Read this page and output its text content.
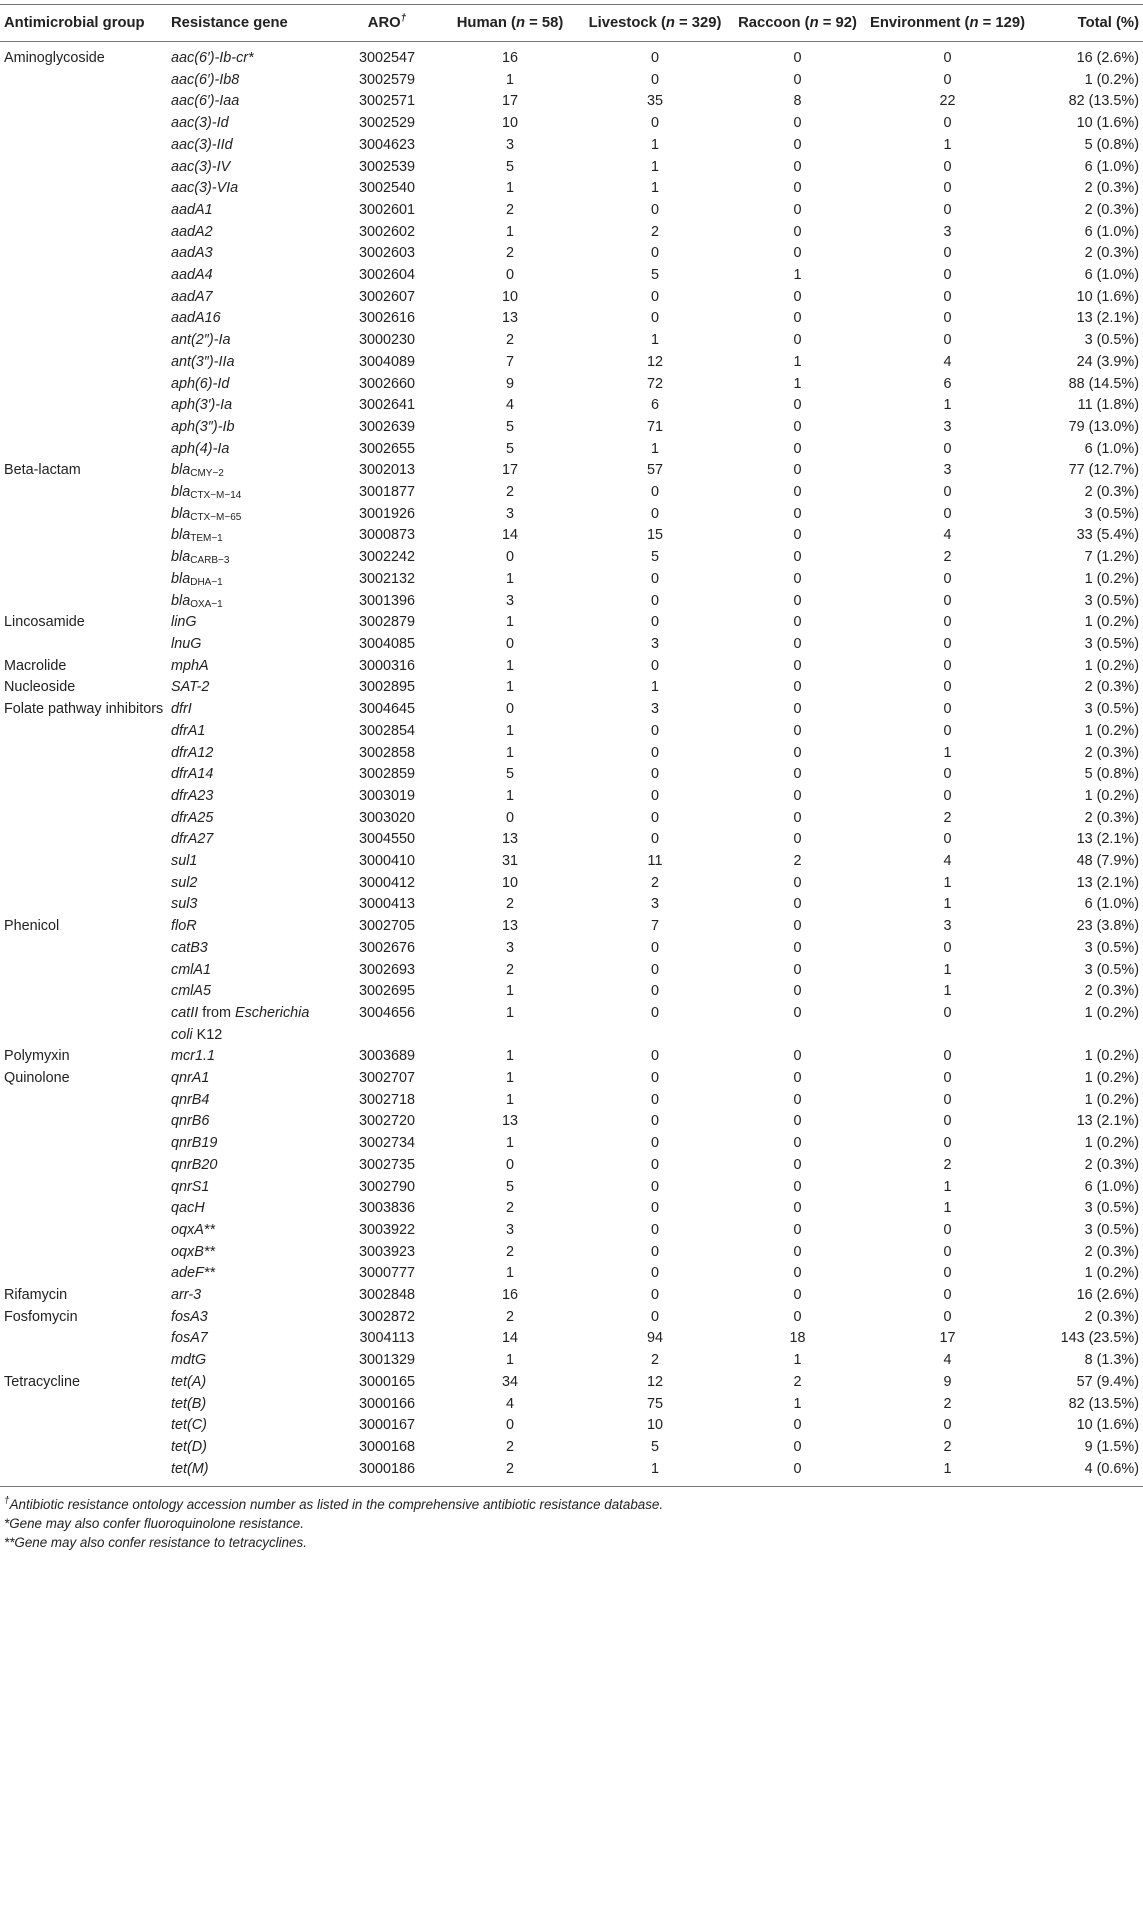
Antimicrobial group	Resistance gene	ARO†	Human (n = 58)	Livestock (n = 329)	Raccoon (n = 92)	Environment (n = 129)	Total (%)
Aminoglycoside	aac(6′)-Ib-cr*	3002547	16	0	0	0	16 (2.6%)
	aac(6′)-Ib8	3002579	1	0	0	0	1 (0.2%)
	aac(6′)-Iaa	3002571	17	35	8	22	82 (13.5%)
	aac(3)-Id	3002529	10	0	0	0	10 (1.6%)
	aac(3)-IId	3004623	3	1	0	1	5 (0.8%)
	aac(3)-IV	3002539	5	1	0	0	6 (1.0%)
	aac(3)-VIa	3002540	1	1	0	0	2 (0.3%)
	aadA1	3002601	2	0	0	0	2 (0.3%)
	aadA2	3002602	1	2	0	3	6 (1.0%)
	aadA3	3002603	2	0	0	0	2 (0.3%)
	aadA4	3002604	0	5	1	0	6 (1.0%)
	aadA7	3002607	10	0	0	0	10 (1.6%)
	aadA16	3002616	13	0	0	0	13 (2.1%)
	ant(2″)-Ia	3000230	2	1	0	0	3 (0.5%)
	ant(3″)-IIa	3004089	7	12	1	4	24 (3.9%)
	aph(6)-Id	3002660	9	72	1	6	88 (14.5%)
	aph(3′)-Ia	3002641	4	6	0	1	11 (1.8%)
	aph(3″)-Ib	3002639	5	71	0	3	79 (13.0%)
	aph(4)-Ia	3002655	5	1	0	0	6 (1.0%)
Beta-lactam	bla$_{CMY-2}$	3002013	17	57	0	3	77 (12.7%)
	bla$_{CTX-M-14}$	3001877	2	0	0	0	2 (0.3%)
	bla$_{CTX-M-65}$	3001926	3	0	0	0	3 (0.5%)
	bla$_{TEM-1}$	3000873	14	15	0	4	33 (5.4%)
	bla$_{CARB-3}$	3002242	0	5	0	2	7 (1.2%)
	bla$_{DHA-1}$	3002132	1	0	0	0	1 (0.2%)
	bla$_{OXA-1}$	3001396	3	0	0	0	3 (0.5%)
Lincosamide	linG	3002879	1	0	0	0	1 (0.2%)
	lnuG	3004085	0	3	0	0	3 (0.5%)
Macrolide	mphA	3000316	1	0	0	0	1 (0.2%)
Nucleoside	SAT-2	3002895	1	1	0	0	2 (0.3%)
Folate pathway inhibitors	dfrI	3004645	0	3	0	0	3 (0.5%)
	dfrA1	3002854	1	0	0	0	1 (0.2%)
	dfrA12	3002858	1	0	0	1	2 (0.3%)
	dfrA14	3002859	5	0	0	0	5 (0.8%)
	dfrA23	3003019	1	0	0	0	1 (0.2%)
	dfrA25	3003020	0	0	0	2	2 (0.3%)
	dfrA27	3004550	13	0	0	0	13 (2.1%)
	sul1	3000410	31	11	2	4	48 (7.9%)
	sul2	3000412	10	2	0	1	13 (2.1%)
	sul3	3000413	2	3	0	1	6 (1.0%)
Phenicol	floR	3002705	13	7	0	3	23 (3.8%)
	catB3	3002676	3	0	0	0	3 (0.5%)
	cmlA1	3002693	2	0	0	1	3 (0.5%)
	cmlA5	3002695	1	0	0	1	2 (0.3%)
	catII from Escherichia coli K12	3004656	1	0	0	0	1 (0.2%)
Polymyxin	mcr1.1	3003689	1	0	0	0	1 (0.2%)
Quinolone	qnrA1	3002707	1	0	0	0	1 (0.2%)
	qnrB4	3002718	1	0	0	0	1 (0.2%)
	qnrB6	3002720	13	0	0	0	13 (2.1%)
	qnrB19	3002734	1	0	0	0	1 (0.2%)
	qnrB20	3002735	0	0	0	2	2 (0.3%)
	qnrS1	3002790	5	0	0	1	6 (1.0%)
	qacH	3003836	2	0	0	1	3 (0.5%)
	oqxA**	3003922	3	0	0	0	3 (0.5%)
	oqxB**	3003923	2	0	0	0	2 (0.3%)
	adeF**	3000777	1	0	0	0	1 (0.2%)
Rifamycin	arr-3	3002848	16	0	0	0	16 (2.6%)
Fosfomycin	fosA3	3002872	2	0	0	0	2 (0.3%)
	fosA7	3004113	14	94	18	17	143 (23.5%)
	mdtG	3001329	1	2	1	4	8 (1.3%)
Tetracycline	tet(A)	3000165	34	12	2	9	57 (9.4%)
	tet(B)	3000166	4	75	1	2	82 (13.5%)
	tet(C)	3000167	0	10	0	0	10 (1.6%)
	tet(D)	3000168	2	5	0	2	9 (1.5%)
	tet(M)	3000186	2	1	0	1	4 (0.6%)
†Antibiotic resistance ontology accession number as listed in the comprehensive antibiotic resistance database.
*Gene may also confer fluoroquinolone resistance.
**Gene may also confer resistance to tetracyclines.
